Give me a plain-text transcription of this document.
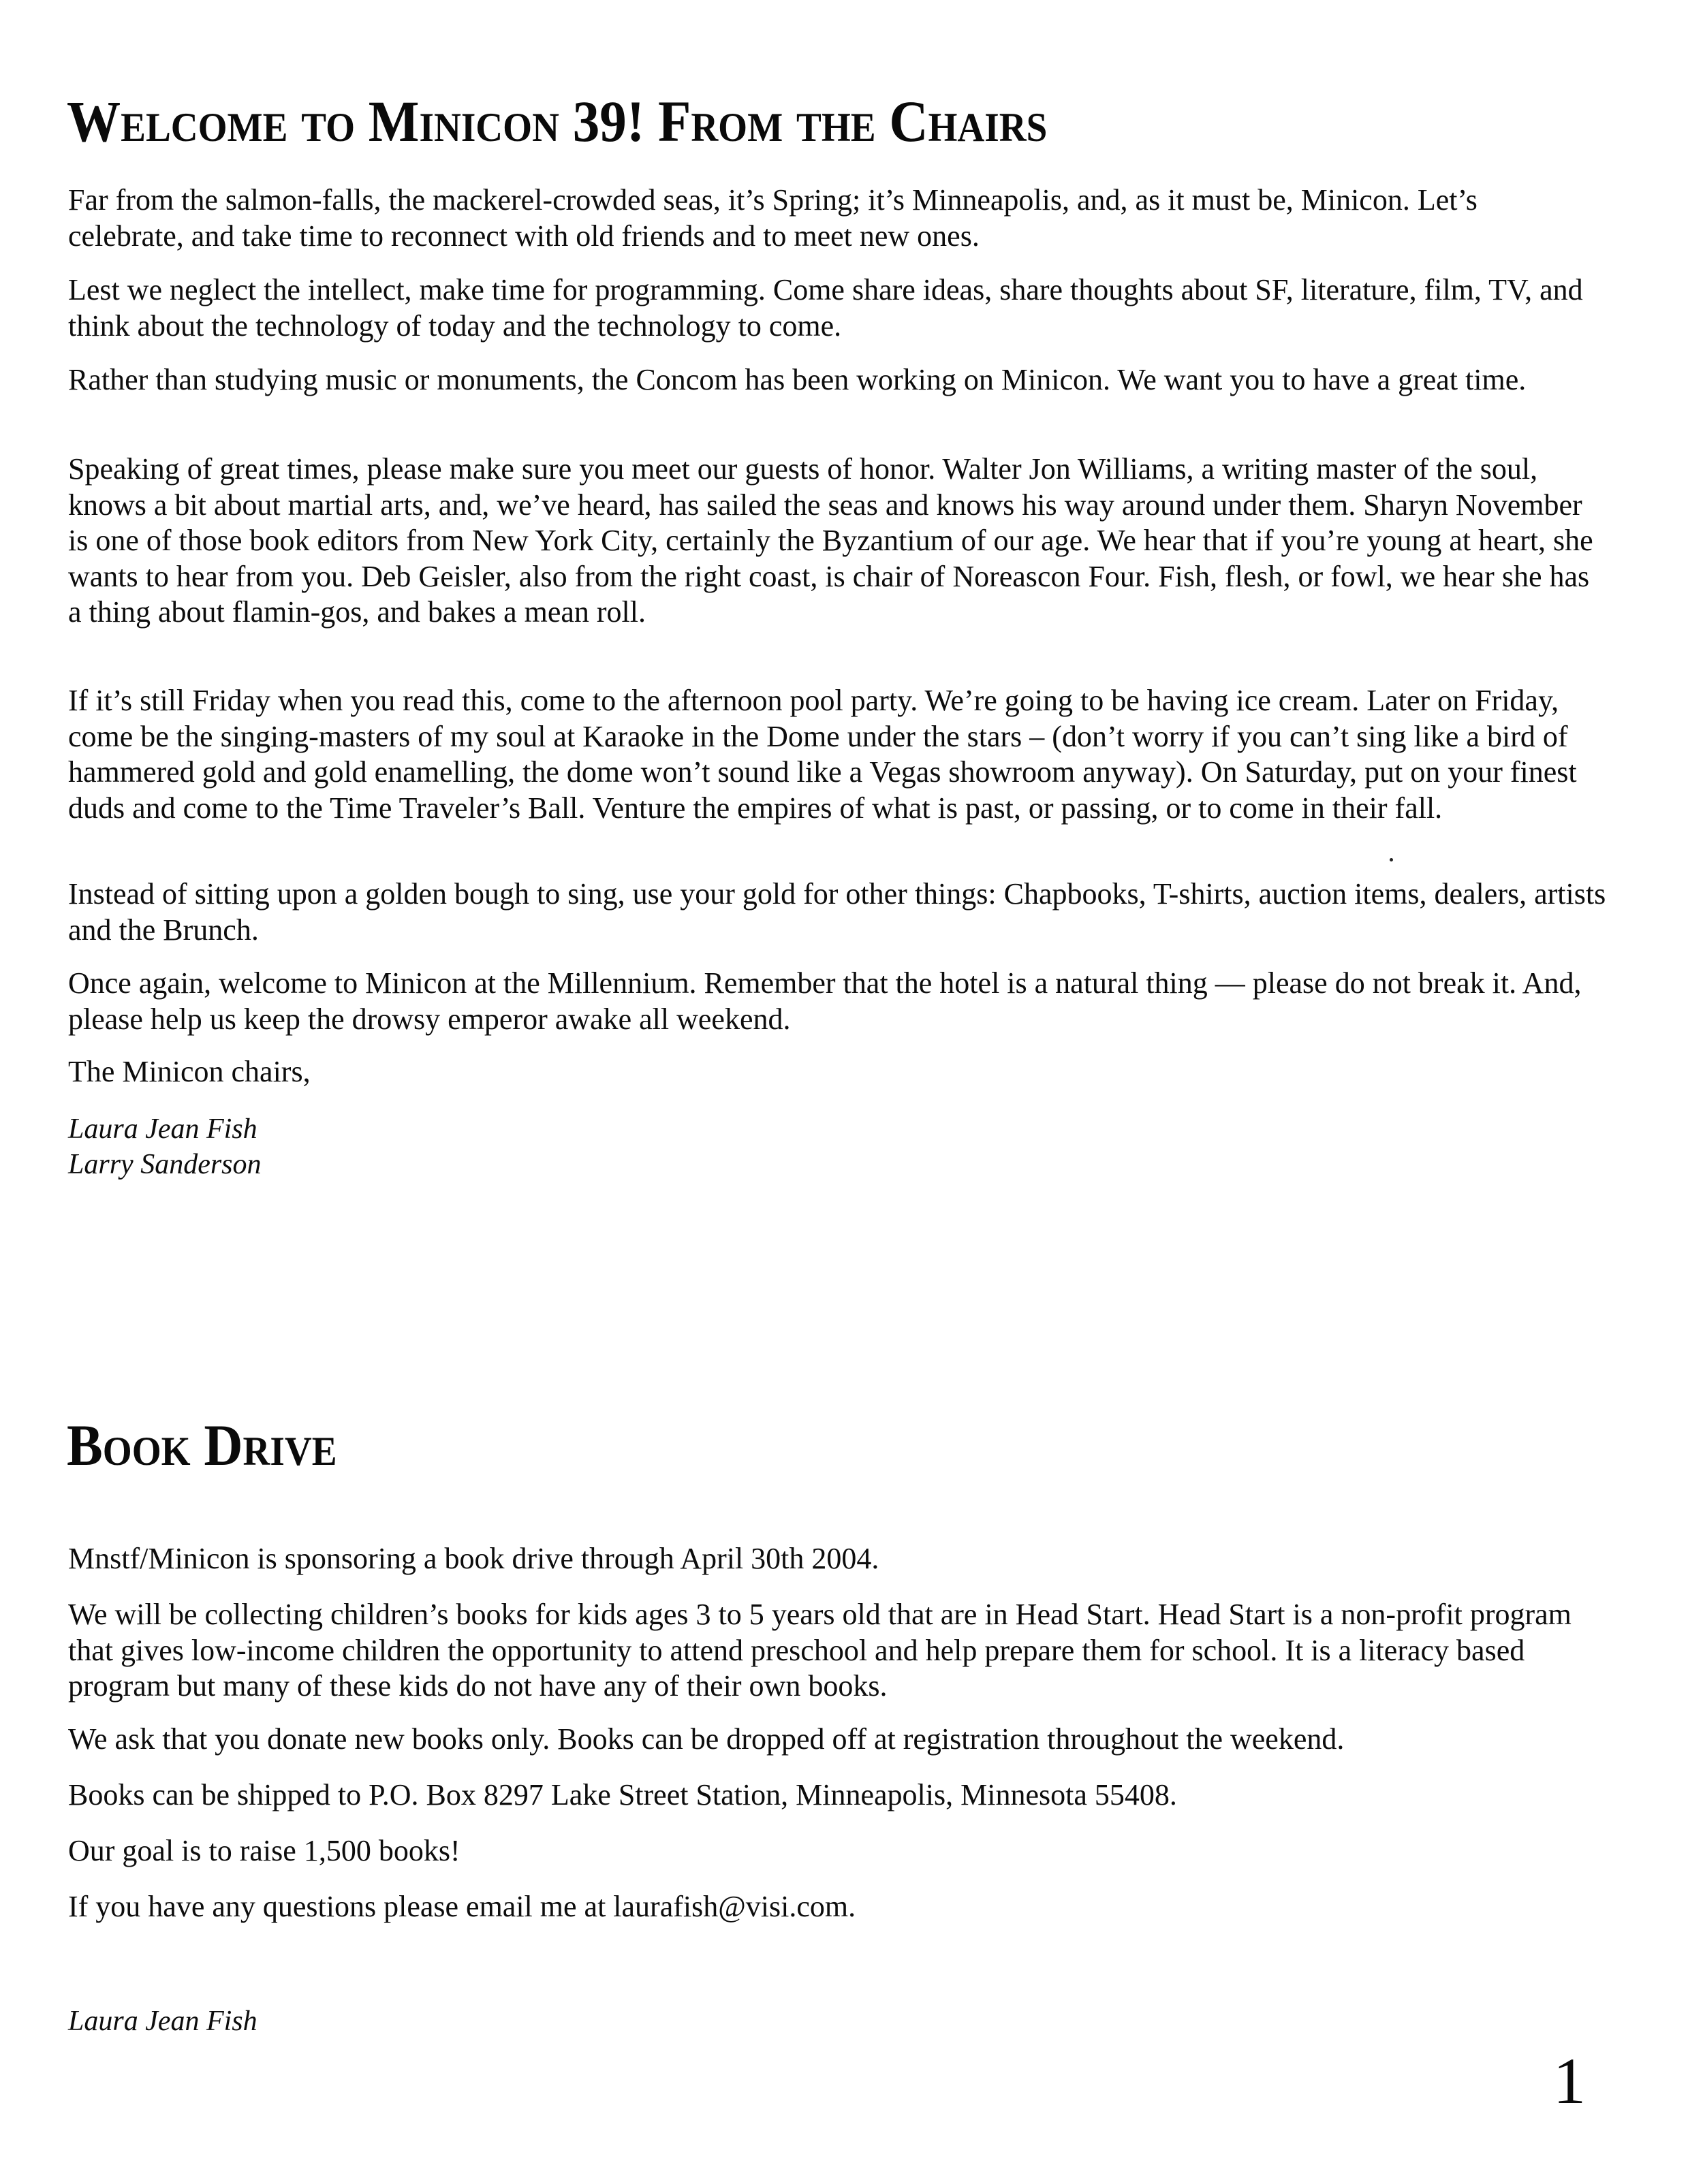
Welcome to Minicon 39! From the Chairs

Far from the salmon-falls, the mackerel-crowded seas, it’s Spring; it’s Minneapolis, and, as it must be, Minicon. Let’s celebrate, and take time to reconnect with old friends and to meet new ones.

Lest we neglect the intellect, make time for programming. Come share ideas, share thoughts about SF, literature, film, TV, and think about the technology of today and the technology to come.

Rather than studying music or monuments, the Concom has been working on Minicon. We want you to have a great time.

Speaking of great times, please make sure you meet our guests of honor. Walter Jon Williams, a writing master of the soul, knows a bit about martial arts, and, we’ve heard, has sailed the seas and knows his way around under them. Sharyn November is one of those book editors from New York City, certainly the Byzantium of our age. We hear that if you’re young at heart, she wants to hear from you. Deb Geisler, also from the right coast, is chair of Noreascon Four. Fish, flesh, or fowl, we hear she has a thing about flamin-gos, and bakes a mean roll.

If it’s still Friday when you read this, come to the afternoon pool party. We’re going to be having ice cream. Later on Friday, come be the singing-masters of my soul at Karaoke in the Dome under the stars – (don’t worry if you can’t sing like a bird of hammered gold and gold enamelling, the dome won’t sound like a Vegas showroom anyway). On Saturday, put on your finest duds and come to the Time Traveler’s Ball. Venture the empires of what is past, or passing, or to come in their fall.

Instead of sitting upon a golden bough to sing, use your gold for other things: Chapbooks, T-shirts, auction items, dealers, artists and the Brunch.

Once again, welcome to Minicon at the Millennium. Remember that the hotel is a natural thing — please do not break it. And, please help us keep the drowsy emperor awake all weekend.

The Minicon chairs,

Laura Jean Fish

Larry Sanderson

Book Drive

Mnstf/Minicon is sponsoring a book drive through April 30th 2004.

We will be collecting children’s books for kids ages 3 to 5 years old that are in Head Start. Head Start is a non-profit program that gives low-income children the opportunity to attend preschool and help prepare them for school. It is a literacy based program but many of these kids do not have any of their own books.

We ask that you donate new books only. Books can be dropped off at registration throughout the weekend.

Books can be shipped to P.O. Box 8297 Lake Street Station, Minneapolis, Minnesota 55408.

Our goal is to raise 1,500 books!

If you have any questions please email me at laurafish@visi.com.

Laura Jean Fish

1
